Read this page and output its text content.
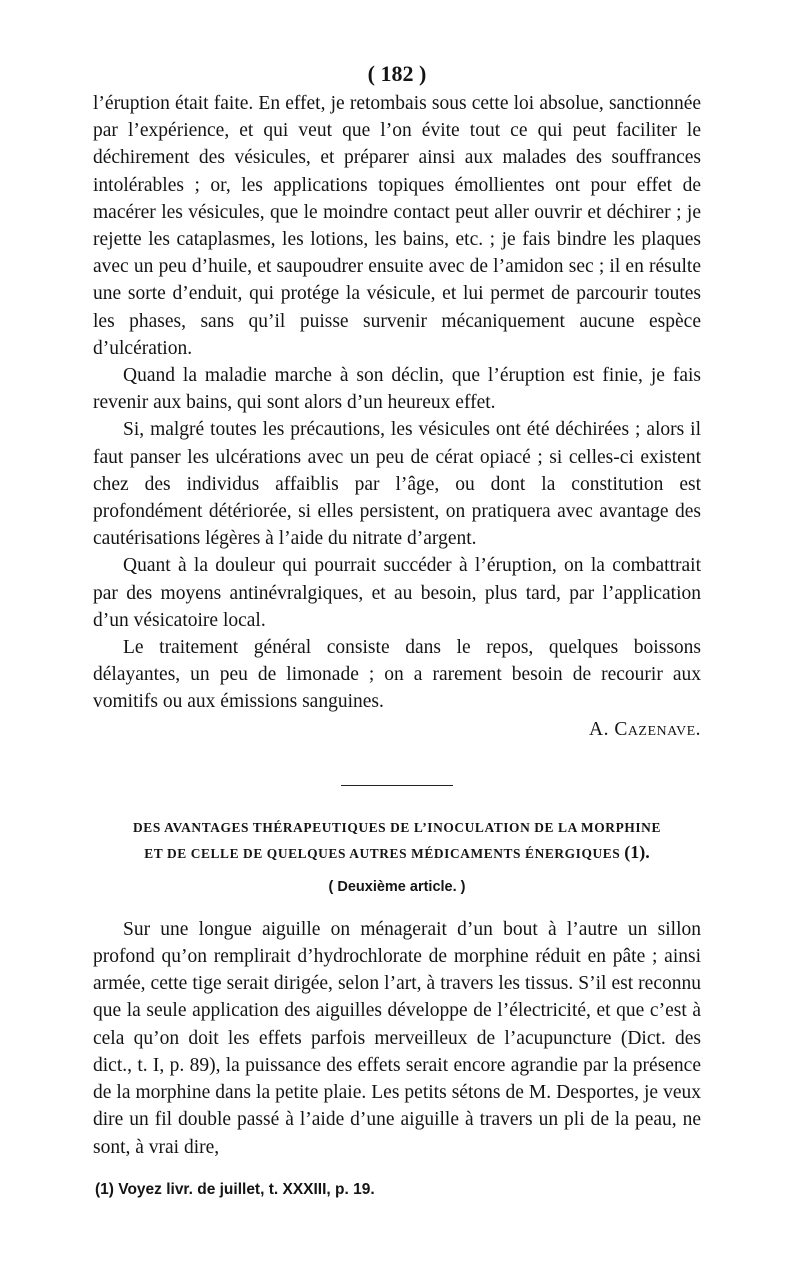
( 182 )

l’éruption était faite. En effet, je retombais sous cette loi absolue, sanctionnée par l’expérience, et qui veut que l’on évite tout ce qui peut faciliter le déchirement des vésicules, et préparer ainsi aux malades des souffrances intolérables ; or, les applications topiques émollientes ont pour effet de macérer les vésicules, que le moindre contact peut aller ouvrir et déchirer ; je rejette les cataplasmes, les lotions, les bains, etc. ; je fais bindre les plaques avec un peu d’huile, et saupoudrer ensuite avec de l’amidon sec ; il en résulte une sorte d’enduit, qui protége la vésicule, et lui permet de parcourir toutes les phases, sans qu’il puisse survenir mécaniquement aucune espèce d’ulcération.

Quand la maladie marche à son déclin, que l’éruption est finie, je fais revenir aux bains, qui sont alors d’un heureux effet.

Si, malgré toutes les précautions, les vésicules ont été déchirées ; alors il faut panser les ulcérations avec un peu de cérat opiacé ; si celles-ci existent chez des individus affaiblis par l’âge, ou dont la constitution est profondément détériorée, si elles persistent, on pratiquera avec avantage des cautérisations légères à l’aide du nitrate d’argent.

Quant à la douleur qui pourrait succéder à l’éruption, on la combattrait par des moyens antinévralgiques, et au besoin, plus tard, par l’application d’un vésicatoire local.

Le traitement général consiste dans le repos, quelques boissons délayantes, un peu de limonade ; on a rarement besoin de recourir aux vomitifs ou aux émissions sanguines.

A. Cazenave.

DES AVANTAGES THÉRAPEUTIQUES DE L’INOCULATION DE LA MORPHINE

ET DE CELLE DE QUELQUES AUTRES MÉDICAMENTS ÉNERGIQUES (1).

( Deuxième article. )

Sur une longue aiguille on ménagerait d’un bout à l’autre un sillon profond qu’on remplirait d’hydrochlorate de morphine réduit en pâte ; ainsi armée, cette tige serait dirigée, selon l’art, à travers les tissus. S’il est reconnu que la seule application des aiguilles développe de l’électricité, et que c’est à cela qu’on doit les effets parfois merveilleux de l’acupuncture (Dict. des dict., t. I, p. 89), la puissance des effets serait encore agrandie par la présence de la morphine dans la petite plaie. Les petits sétons de M. Desportes, je veux dire un fil double passé à l’aide d’une aiguille à travers un pli de la peau, ne sont, à vrai dire,

(1) Voyez livr. de juillet, t. XXXIII, p. 19.
